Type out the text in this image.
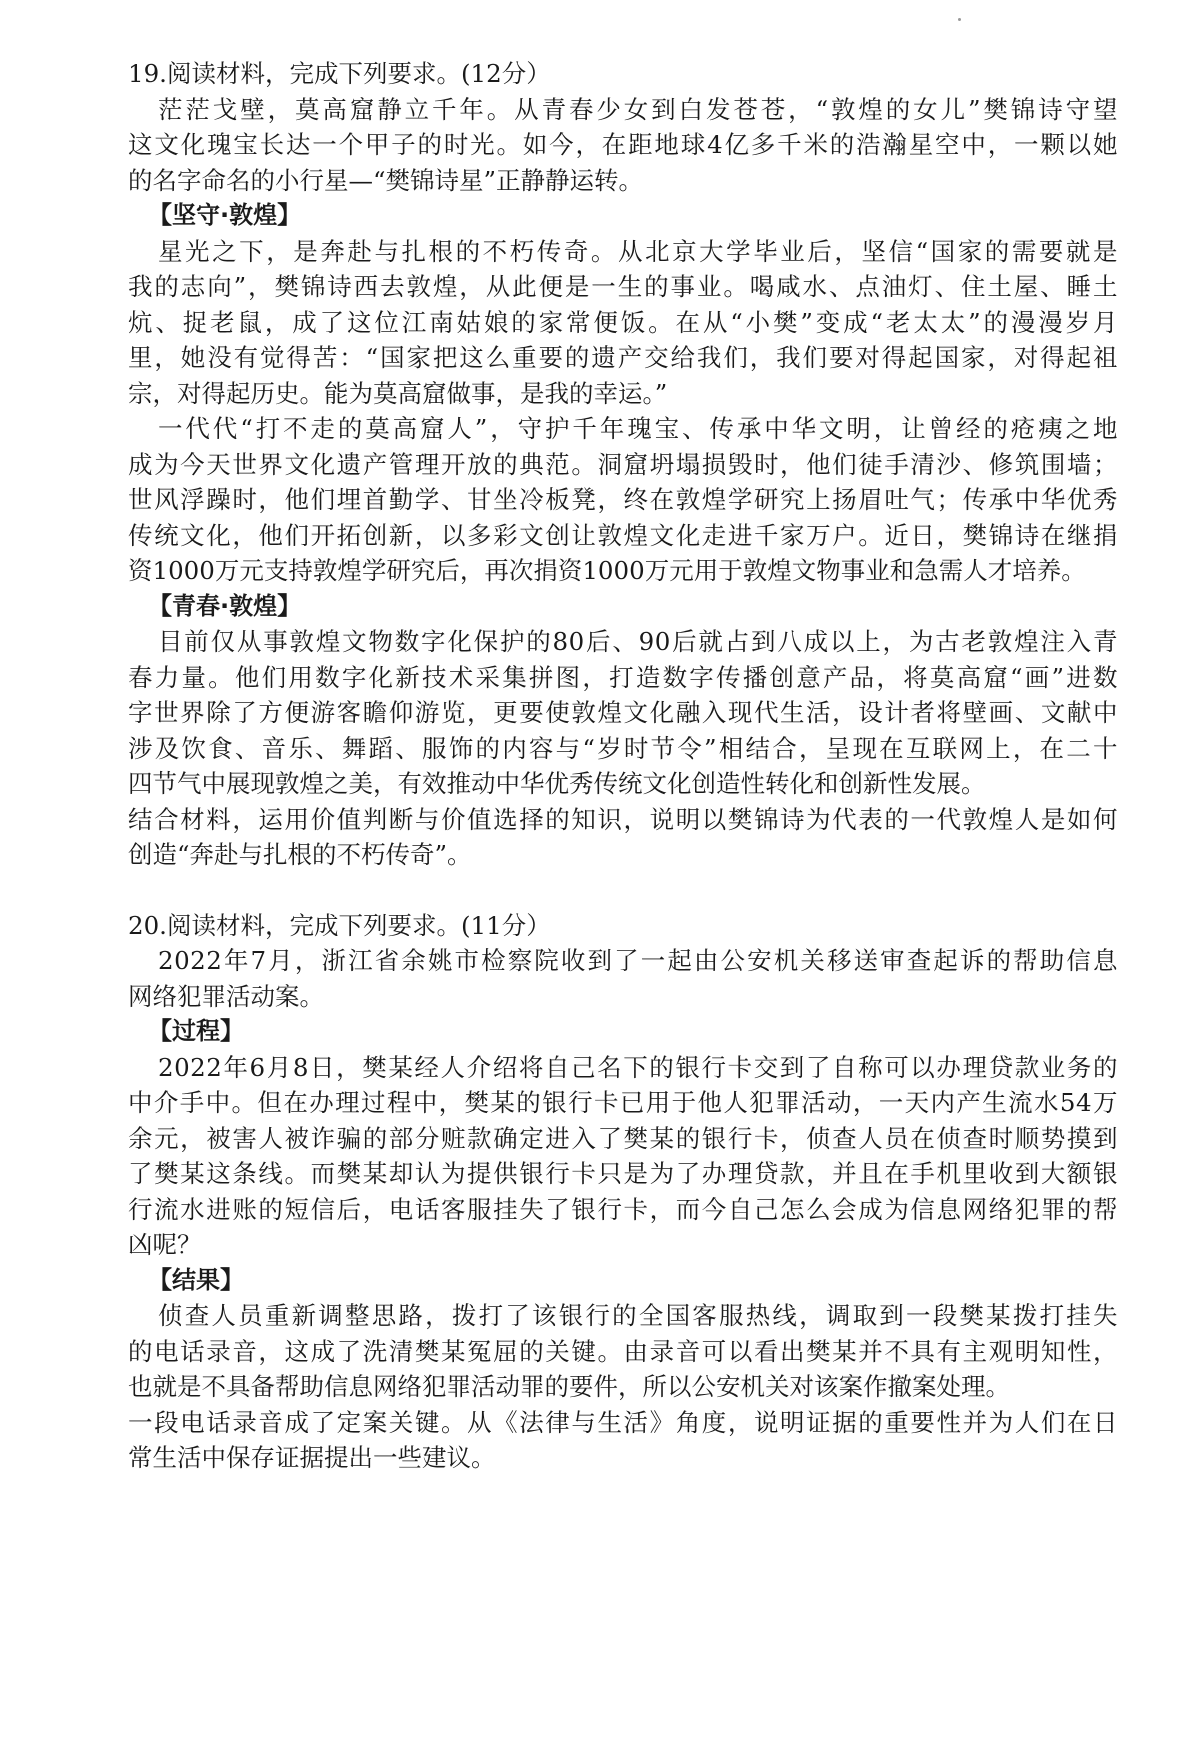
19.阅读材料，完成下列要求。(12分）

茫茫戈壁，莫高窟静立千年。从青春少女到白发苍苍，“敦煌的女儿”樊锦诗守望

这文化瑰宝长达一个甲子的时光。如今，在距地球4亿多千米的浩瀚星空中，一颗以她

的名字命名的小行星—“樊锦诗星”正静静运转。

【坚守·敦煌】

星光之下，是奔赴与扎根的不朽传奇。从北京大学毕业后，坚信“国家的需要就是

我的志向”，樊锦诗西去敦煌，从此便是一生的事业。喝咸水、点油灯、住土屋、睡土

炕、捉老鼠，成了这位江南姑娘的家常便饭。在从“小樊”变成“老太太”的漫漫岁月

里，她没有觉得苦：“国家把这么重要的遗产交给我们，我们要对得起国家，对得起祖

宗，对得起历史。能为莫高窟做事，是我的幸运。”

一代代“打不走的莫高窟人”，守护千年瑰宝、传承中华文明，让曾经的疮痍之地

成为今天世界文化遗产管理开放的典范。洞窟坍塌损毁时，他们徒手清沙、修筑围墙；

世风浮躁时，他们埋首勤学、甘坐冷板凳，终在敦煌学研究上扬眉吐气；传承中华优秀

传统文化，他们开拓创新，以多彩文创让敦煌文化走进千家万户。近日，樊锦诗在继捐

资1000万元支持敦煌学研究后，再次捐资1000万元用于敦煌文物事业和急需人才培养。

【青春·敦煌】

目前仅从事敦煌文物数字化保护的80后、90后就占到八成以上，为古老敦煌注入青

春力量。他们用数字化新技术采集拼图，打造数字传播创意产品，将莫高窟“画”进数

字世界除了方便游客瞻仰游览，更要使敦煌文化融入现代生活，设计者将壁画、文献中

涉及饮食、音乐、舞蹈、服饰的内容与“岁时节令”相结合，呈现在互联网上，在二十

四节气中展现敦煌之美，有效推动中华优秀传统文化创造性转化和创新性发展。

结合材料，运用价值判断与价值选择的知识，说明以樊锦诗为代表的一代敦煌人是如何

创造“奔赴与扎根的不朽传奇”。

20.阅读材料，完成下列要求。(11分）

2022年7月，浙江省余姚市检察院收到了一起由公安机关移送审查起诉的帮助信息

网络犯罪活动案。

【过程】

2022年6月8日，樊某经人介绍将自己名下的银行卡交到了自称可以办理贷款业务的

中介手中。但在办理过程中，樊某的银行卡已用于他人犯罪活动，一天内产生流水54万

余元，被害人被诈骗的部分赃款确定进入了樊某的银行卡，侦查人员在侦查时顺势摸到

了樊某这条线。而樊某却认为提供银行卡只是为了办理贷款，并且在手机里收到大额银

行流水进账的短信后，电话客服挂失了银行卡，而今自己怎么会成为信息网络犯罪的帮

凶呢？

【结果】

侦查人员重新调整思路，拨打了该银行的全国客服热线，调取到一段樊某拨打挂失

的电话录音，这成了洗清樊某冤屈的关键。由录音可以看出樊某并不具有主观明知性，

也就是不具备帮助信息网络犯罪活动罪的要件，所以公安机关对该案作撤案处理。

一段电话录音成了定案关键。从《法律与生活》角度，说明证据的重要性并为人们在日

常生活中保存证据提出一些建议。
